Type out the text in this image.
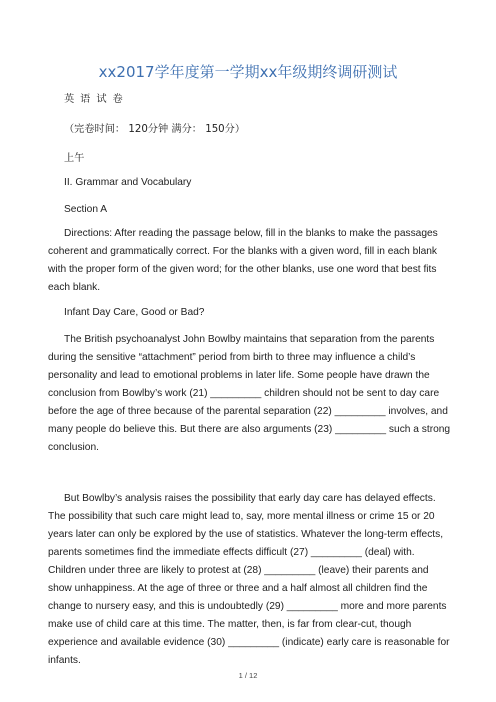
xx2017学年度第一学期xx年级期终调研测试
英语试卷
（完卷时间： 120分钟 满分： 150分）
上午
II. Grammar and Vocabulary
Section A
Directions: After reading the passage below, fill in the blanks to make the passages coherent and grammatically correct. For the blanks with a given word, fill in each blank with the proper form of the given word; for the other blanks, use one word that best fits each blank.
Infant Day Care, Good or Bad?
The British psychoanalyst John Bowlby maintains that separation from the parents during the sensitive “attachment” period from birth to three may influence a child’s personality and lead to emotional problems in later life. Some people have drawn the conclusion from Bowlby’s work (21) _________ children should not be sent to day care before the age of three because of the parental separation (22) _________ involves, and many people do believe this. But there are also arguments (23) _________ such a strong conclusion.
But Bowlby’s analysis raises the possibility that early day care has delayed effects. The possibility that such care might lead to, say, more mental illness or crime 15 or 20 years later can only be explored by the use of statistics. Whatever the long-term effects, parents sometimes find the immediate effects difficult (27) _________ (deal) with. Children under three are likely to protest at (28) _________ (leave) their parents and show unhappiness. At the age of three or three and a half almost all children find the change to nursery easy, and this is undoubtedly (29) _________ more and more parents make use of child care at this time. The matter, then, is far from clear-cut, though experience and available evidence (30) _________ (indicate) early care is reasonable for infants.
1 / 12
